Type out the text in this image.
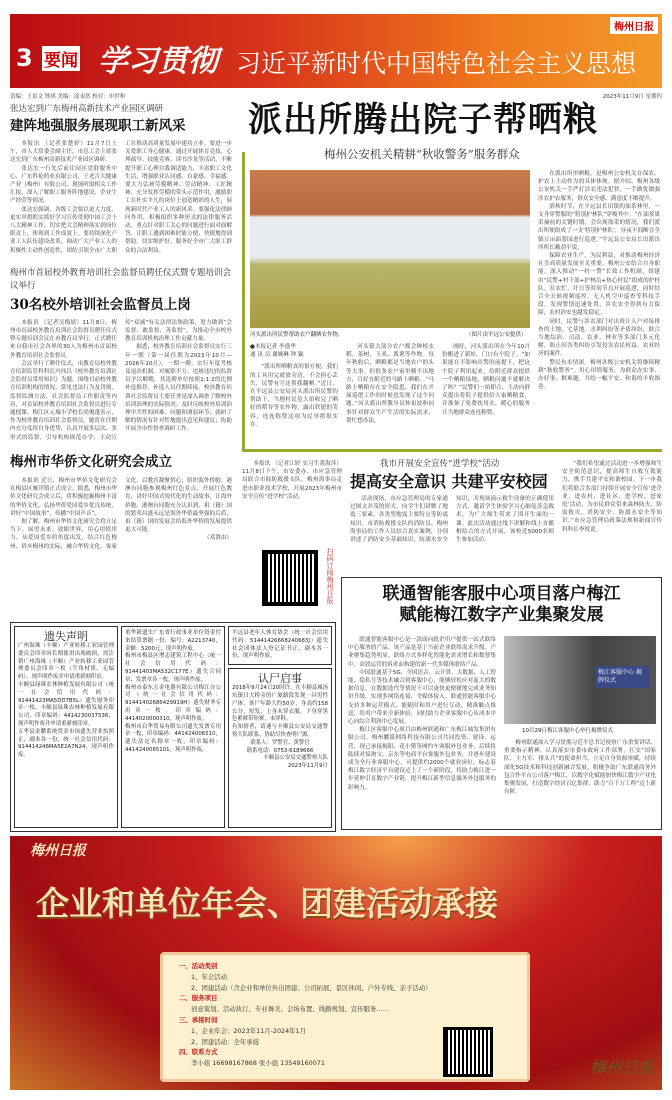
3 要闻 学习贯彻 习近平新时代中国特色社会主义思想
梅州日报
责编：王景文 钟琪 美编：涂未然 校对：申世和	2023年11月9日 星期四
张达宏到广东梅州高新技术产业园区调研
建阵地强服务展现职工新风采

本报讯 （记者张楚婷）11月7日上午，市人大常委会副主任、市总工会主席张达宏到广东梅州高新技术产业园区调研。

张达宏一行先后前往园区党群服务中心、广东科伦药业有限公司、王老吉大健康产业（梅州）有限公司，现场听取相关工作汇报，深入了解职工服务阵地建设、企业生产经营等情况。

张达宏强调，各级工会要以更大力度、更实举措抓实抓好学习宣传贯彻中国工会十八大精神工作，切实把大会精神落实到岗位职责上、体现到工作成效上。要持续深化产业工人队伍建设改革，调动广大产业工人的积极性主动性创造性，团结引领全市广大职工在推动高质量发展中建功立业。要进一步关爱职工身心健康，通过开展体育竞技、心理疏导、技能竞赛、读书沙龙等活动，不断提升职工心理自我调适能力，丰富职工文化生活，增强职业认同感、自豪感、幸福感。要大力弘扬劳模精神、劳动精神、工匠精神，充分发挥劳模的带头示范作用，激励职工在朴实平凡的岗位上创造精彩的人生，展现新时代产业工人的新风采。要强化法律顾问作用，积极组织多种形式的法律服务活动，重点针对职工关心的问题进行面对面解答，让职工遇到困难时能方便、快捷地得到帮助，切实维护好、服务好全市广大职工群众的合法利益。

梅州市首届校外教育培训社会监督员聘任仪式暨专题培训会议举行
30名校外培训社会监督员上岗

本报讯 （记者吴梅婧）11月8日，梅州市首届校外教育培训社会监督员聘任仪式暨专题培训会议在市教育局举行，正式聘任来自我市社会各界的30人为梅州市首届校外教育培训社会监督员。

会议举行了聘任仪式，市教育局校外教育培训监管科科长冯伟以《校外教育培训社会监督员常用知识》为题，围绕目前校外教育培训机构的情况、常见违法行为及罚则、监督监测方法、社会监督员工作职责等内容，对首届校外教育培训社会监督员进行专题授课。梅江区元城小学校长尚俊蓬表示，作为校外教育培训社会监督员，她将在任期内充分发挥自身优势，认真开展多层次、多形式的监督，引导机构规范办学；主动宣传“双减”有关法律法规政策，努力做到“会监督、敢监督、善监督”，为推动全市校外教育培训机构治理工作贡献力量。

据悉，校外教育培训社会监督员实行三年一期（第一届任期为2023年10月—2026年10月），一期一聘，实行年度考核及退出机制，对履职不力、违规违纪的监督员予以解聘，其选聘单位按照1:1:2的比例补选推荐，补选人员任期续接。校外教育培训社会监督员主要任务是深入调查了解校外培训治理的实际情况；及时反映校外培训治理中共性的困难、问题和薄弱环节；就研了解的情况有针对性地提出意见和建议；协助开展全市性督查调研工作。

梅州市华侨文化研究会成立

本报讯 近日，梅州市华侨文化研究会在梅县区雁洋镇正式成立。据悉，梅州市华侨文化研究会成立后，将积极挖掘梅州丰富的华侨文化，弘扬华侨爱国爱乡优良传统，讲好“中国故事”，传播“中国声音”。

据了解，梅州市华侨文化研究会将立足当下、展望未来、放眼世界，用心用情用力，从爱国爱乡的角度出发，结合红色梅州、侨乡梅州的实际，融合华侨文化、客家文化，以教育凝聚侨心；组织海外侨胞、港澳台同胞参观梅州红色景点，开展红色教育，讲好中国式现代化的生动故事，让海外侨胞、港澳台同胞充分认识到，祖（籍）国的繁荣昌盛永远是海外华侨最坚强的后盾，祖（籍）国的发展会给海外华侨的发展提供更大可能。

（邓贤由）
派出所腾出院子帮晒粮
梅州公安机关精耕“秋收警务”服务群众
河头派出所民警帮助农户翻晒农作物。	（图片由平远公安提供）
●本报记者 李盛华
通 讯 员 谢婉琳 钟 颖

“派出所晒粮真的很方便，我们的工具用完就放旁边，不会担心丢失，民警有空还帮我翻晒。”近日，在平远县公安局河头派出所民警的帮助下，当地村民危大伯收完了晒好的稻谷等农作物，露出欣慰的笑容，连连称赞这项为民举措很实在。

河头镇大部分农户都会种植水稻、茶树、玉米、番薯等作物。每年秋收后，晒粮都是当地农户的头等大事。但很多农户家里腾不出地方，只好在附近的马路上晒粮。“马路上晒粮存在安全隐患，我们在开展巡逻工作的时候也发现了这个问题。”河头派出所教导员钟祖波和同事针对群众生产生活的实际需求，帮忙想办法。

刚好，河头派出所在今年10月份搬进了新址，门口有个院子。“如果能在不影响出警的前提下，把这个院子利用起来，给附近群众提供一个晒粮场地，晒粮问题不就解决了吗？”民警们一拍即合，主动向群众提出将院子提供给大家晒粮食，并准备了免费饮用水，暖心的服务让当地群众连连称赞。

在派出所里晒粮，是梅州公安机关在保农、护农上主动作为的具体体现。据介绍，梅州各级公安机关一手严打涉农违法犯罪，一手做优做强涉农护农服务，群众安全感、满意度不断提升。

浴秋时节，在平远县长田镇的油茶林里，一支身穿警服的“特别护林队”穿梭其中。“在油茶果采摘前的关键时期，会出现盗采的情况，我们派出所便组成了一支‘特别护林队’，昼夜不间断在全镇万亩油茶园进行巡逻。”平远县公安局长田派出所所长赖劲平说。

保障农业生产，为民利益，对推动梅州经济社会高质量发展至关重要。梅州公安结合自身职能，深入推动“一村一警”长效工作机制，组建由“民警+村干部+护林员+热心村民”组成的护村队，在农忙、圩日等时间节点开展巡逻，同时结合全天候视频巡控、无人机空中巡查等科技手段，发现警情迅速处置，涉农安全得到有力保障，农村治安也越发稳定。

同时，民警与涉农部门对出资计入户对接排查的土地、宅基地、水利纠纷等矛盾纠纷，联合当地综治、司法、农业、林业等多部门多元化解，防止因各类纠纷引发侵害农民权益、农业经济的案件。

警民鱼水情深。梅州各级公安机关将继续精耕“秋收警务”，用心用情服务，为群众办实事、办好事、解难题，共绘一幅平安、和谐的丰收图卷。

我市开展安全宣传“进学校”活动
提高安全意识 共建平安校园

本报讯 （记者江婷 实习生黄海萍）11月8日下午，市安委办、市应急管理局联合市陆防救援支队、梅州海事局走进市职业技术学校，开展2023年梅州市安全宣传“进学校”活动。	活动现场，市应急管理局的专家通过图文并茂的形式，向学生们讲解了地震三要素、各类型地震主要特点等防震知识。市消防救援支队的消防员、梅州海事局的工作人员结合真实案例，分别讲述了消防安全基础知识、防溺水安全知识，并现场演示救生设备的正确使用方式，邀请学生体验学习心肺复苏急救术，为广大师生带来了別开生面的一课。此次活动通过线下讲解和线上直播相结合的方式开展，该校近5000名师生参加活动。

“我们希望通过活动进一步增强师生安全防范意识，提高师生自救互救能力，携手共建平安和谐校园。下一步我们将联合多部门持续开展安全宣传‘进企业、进农村、进社区、进学校、进家庭’活动，为市民群众带来森林防火、防震救灾、消防安全、防溺水安全等知识。”市应急管理局政策法规和新闻宣传科科长李锐说。

扫码订阅梅州日报
遗失声明

广州海珠（丰顺）产业转移工业园管理委员会印章因长期使用出现破损，需注销广州海珠（丰顺）产业转移工业园管理委员会印章一枚（牛角材质、无编码），现声明作废并申请重新刻印章。

丰顺县绿珠农林种植发展有限公司（统一社会信用代码：91441423MA5DD7B5L）遗失财务印章一枚、丰顺县绿珠农林种植发展有限公司，印章编码：4414230037536，现声明作废并申请重新刻印章。

五华县金鹏系统贸金市场遗失营业执照正、副本各一份，统一社会信用代码：914414246MA5E2A7N24，现声明作废。

重华新遗失广东省行政事业单位资金往来结算票据一份，编号：A2213740，金额：5200元，现声明作废。

梅州市梅县区增志建筑工程中心（统一社会信用代码：91441403MA532C177E）遗失合同章、发票章各一枚，现声明作废。

梅州市泰东五金电器有限公司梅江分公司（统一社会信用代码：91441402686429919H）遗失财务专用章一枚，印章编码：4414020000310，现声明作废。

梅州市启华贸易有限公司遗失发票专用章一枚，印章编码：441424006510，遗失法定名称章一枚，印章编码：4414240065101，现声明作废。

平远县老年人体育协会（统一社会信用代码：51441426668240683J）遗失社会团体法人登记证书正、副本各一份，现声明作废。

认尸启事

2018年9月24日20时许，在丰顺县城汤坑镇日大桥旁的广厦路段发现一具男性尸体，该尸年龄大约50岁，身高约158公分，短发，上身未穿衣服，下身穿黑色紧裤带短裤，未穿鞋。

有知情者，请速与丰顺县公安局交通警察大队联系，协助尽快查明尸源。

联系人：罗警官、黄警官
联系电话：0753-6189666
丰顺县公安局交通警察大队
2023年11月9日
联通智能客服中心项目落户梅江
赋能梅江数字产业集聚发展

联通智能客服中心是一款面向政企用户提供一站式联络中心服务的产品。该产品是基于当前企业联络需求升级、产业聚集趋势明显、联络方式多样化智能化需求增长和数智集中、高效运营的诉求而构建的新一代多媒体联络产品。

中国联通基于5G、全国语音、云计算、大数据、人工智能、隐私号等技术融合到客服中心，能够轻松应对庞大的数据信息，在数据迭代等情况下可以更快更便捷地完成业务知识升级，实现多网络连接、全媒体接入。联通智能客服中心支持多种运营模式，能随时和用户进行互动，精准触点推送，给用户带来全新体验，同时助力企业客服中心从成本中心向综合利润中心发展。

梅江区客服中心项目由梅州联通和广东梅江城发集团有限公司、梅州鹏派网络科技有限公司共同投资、建设、运营，现已承接揭阳、花小猪等网约车客服外包业务，后续将陆续对接淘宝、京东等电商平台客服外包业务，并逐步建设成为全行业客服中心，可提供约2000个就业岗位，标志着梅江数字经济平台建设迈上了一个新阶段，将助力梅江进一步延伸引育数字产业链，提升梅江新型信息服务外包服务的影响力。

梅江客服中心 揭牌仪式
10月29日梅江客服中心举行揭牌仪式

梅州联通深入学习贯彻习近平总书记视察广东重要讲话、重要指示精神，认真落实市委市政府工作部署，扛实“国家队、主力军、排头兵”的使命担当，立足自身资源禀赋，持续深化5G技术和科技创新融合发展，积极争取广东联通商务外包合作平台公司落户梅江，以数字化赋能加快梅江数字产业化集聚发展，打造数字经济百亿集群，助力“百千万工程”迈上新台阶。

梅州日报
企业和单位年会、团建活动承接
一、活动类别
1、年会活动
2、团建活动（含企业和单位外出团建、公司拓展、景区休闲、户外专线、亲子活动）
二、服务项目
创意策划、活动执行、专业舞美、会场布置、线路规划、宣传服务……
三、承接时间
1、企业年会：2023年11月-2024年1月
2、团建活动：全年承接
四、联系方式
李小姐 16698167868 张小姐 13549160071	梅州日报
